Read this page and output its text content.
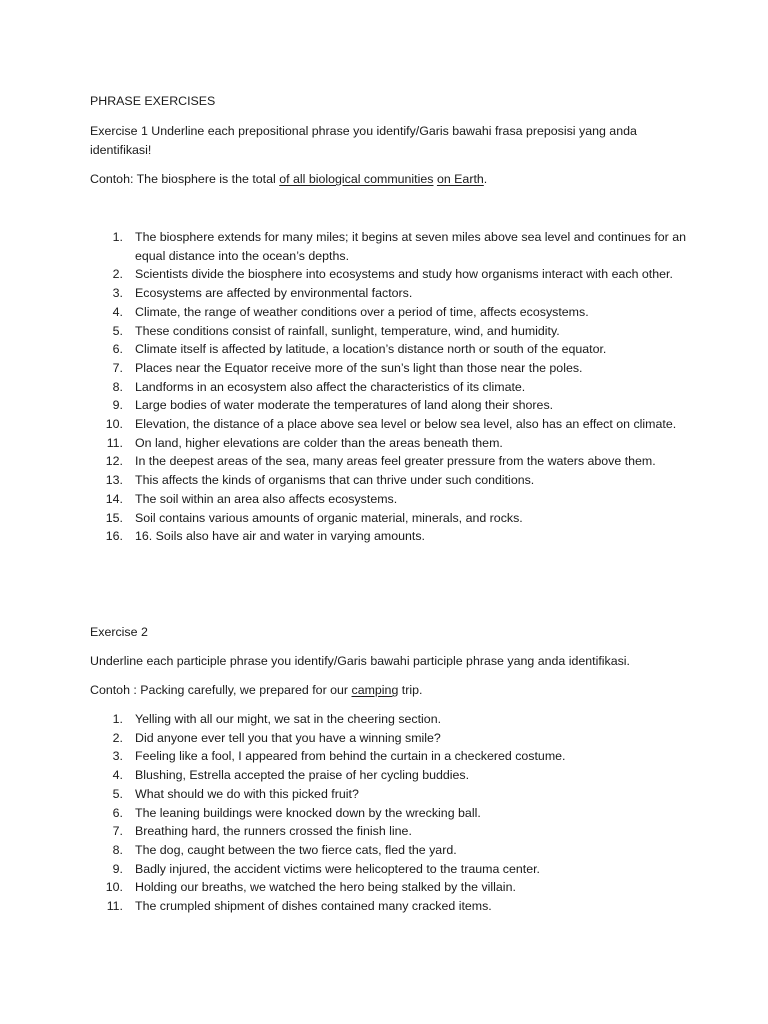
PHRASE EXERCISES

Exercise 1 Underline each prepositional phrase you identify/Garis bawahi frasa preposisi yang anda identifikasi!

Contoh: The biosphere is the total of all biological communities on Earth.

1. The biosphere extends for many miles; it begins at seven miles above sea level and continues for an equal distance into the ocean’s depths.
2. Scientists divide the biosphere into ecosystems and study how organisms interact with each other.
3. Ecosystems are affected by environmental factors.
4. Climate, the range of weather conditions over a period of time, affects ecosystems.
5. These conditions consist of rainfall, sunlight, temperature, wind, and humidity.
6. Climate itself is affected by latitude, a location’s distance north or south of the equator.
7. Places near the Equator receive more of the sun’s light than those near the poles.
8. Landforms in an ecosystem also affect the characteristics of its climate.
9. Large bodies of water moderate the temperatures of land along their shores.
10. Elevation, the distance of a place above sea level or below sea level, also has an effect on climate.
11. On land, higher elevations are colder than the areas beneath them.
12. In the deepest areas of the sea, many areas feel greater pressure from the waters above them.
13. This affects the kinds of organisms that can thrive under such conditions.
14. The soil within an area also affects ecosystems.
15. Soil contains various amounts of organic material, minerals, and rocks.
16. 16. Soils also have air and water in varying amounts.

Exercise 2

Underline each participle phrase you identify/Garis bawahi participle phrase yang anda identifikasi.

Contoh : Packing carefully, we prepared for our camping trip.

1. Yelling with all our might, we sat in the cheering section.
2. Did anyone ever tell you that you have a winning smile?
3. Feeling like a fool, I appeared from behind the curtain in a checkered costume.
4. Blushing, Estrella accepted the praise of her cycling buddies.
5. What should we do with this picked fruit?
6. The leaning buildings were knocked down by the wrecking ball.
7. Breathing hard, the runners crossed the finish line.
8. The dog, caught between the two fierce cats, fled the yard.
9. Badly injured, the accident victims were helicoptered to the trauma center.
10. Holding our breaths, we watched the hero being stalked by the villain.
11. The crumpled shipment of dishes contained many cracked items.
